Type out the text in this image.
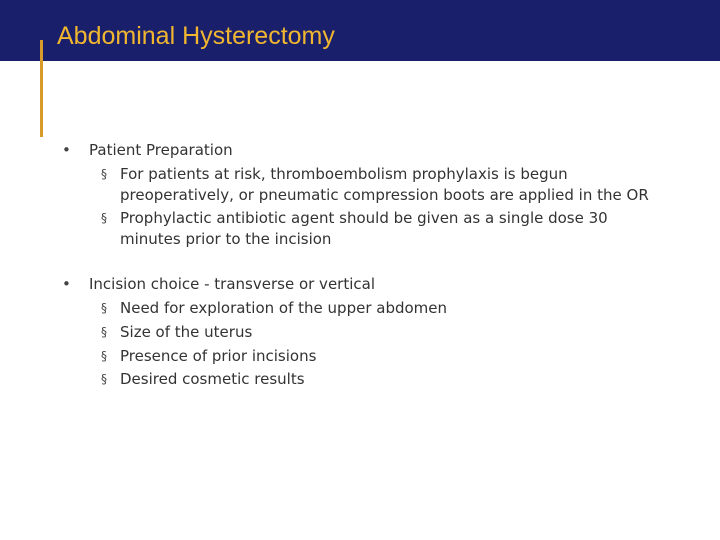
Abdominal Hysterectomy
• Patient Preparation
§ For patients at risk, thromboembolism prophylaxis is begun preoperatively, or pneumatic compression boots are applied in the OR
§ Prophylactic antibiotic agent should be given as a single dose 30 minutes prior to the incision
• Incision choice - transverse or vertical
§ Need for exploration of the upper abdomen
§ Size of the uterus
§ Presence of prior incisions
§ Desired cosmetic results
